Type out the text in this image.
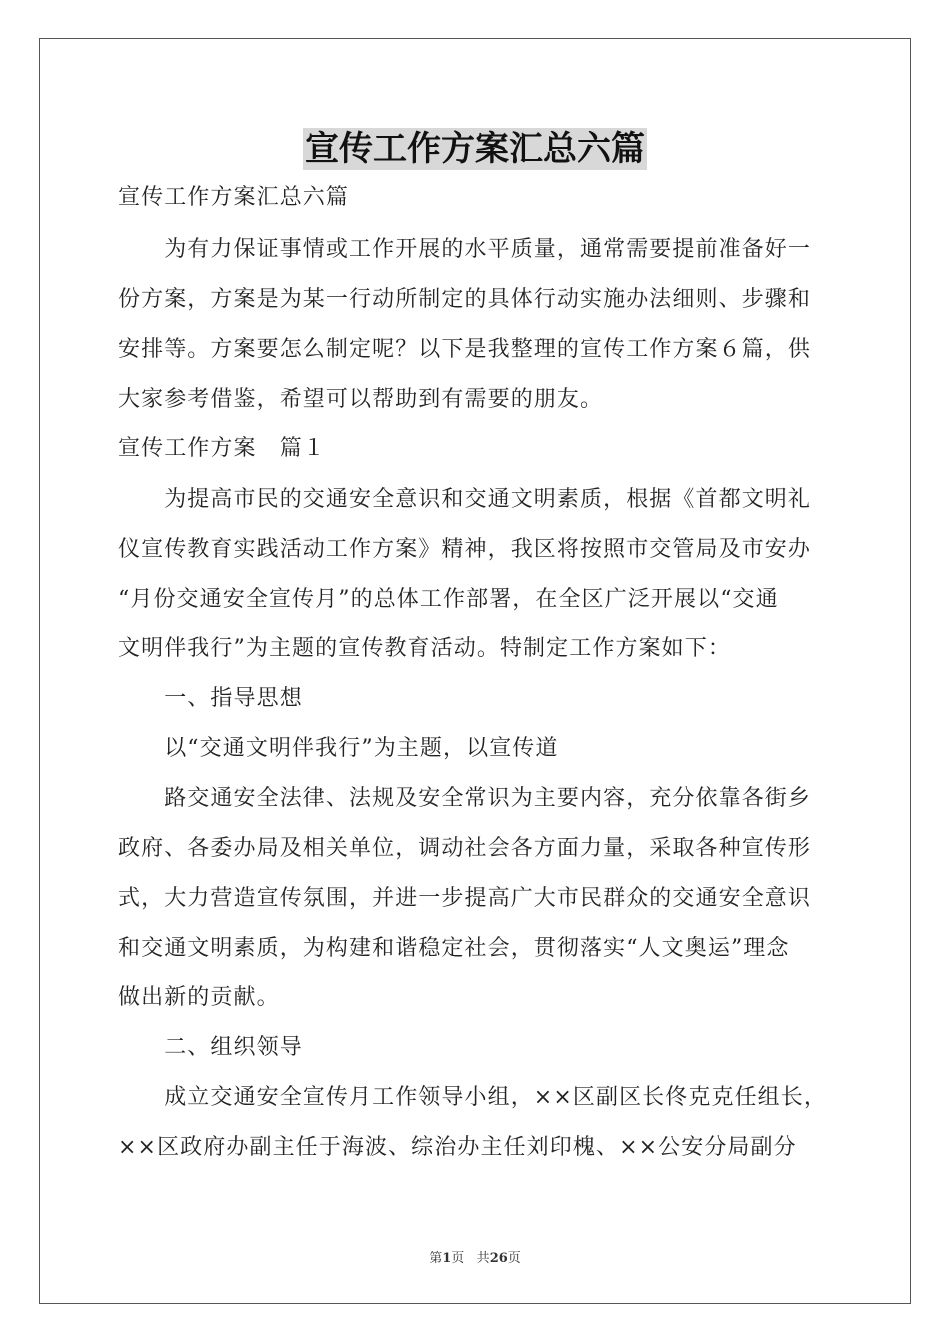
宣传工作方案汇总六篇
宣传工作方案汇总六篇
　　为有力保证事情或工作开展的水平质量，通常需要提前准备好一
份方案，方案是为某一行动所制定的具体行动实施办法细则、步骤和
安排等。方案要怎么制定呢？以下是我整理的宣传工作方案６篇，供
大家参考借鉴，希望可以帮助到有需要的朋友。
宣传工作方案　篇１
　　为提高市民的交通安全意识和交通文明素质，根据《首都文明礼
仪宣传教育实践活动工作方案》精神，我区将按照市交管局及市安办
“月份交通安全宣传月”的总体工作部署，在全区广泛开展以“交通
文明伴我行”为主题的宣传教育活动。特制定工作方案如下：
　　一、指导思想
　　以“交通文明伴我行”为主题，以宣传道
　　路交通安全法律、法规及安全常识为主要内容，充分依靠各街乡
政府、各委办局及相关单位，调动社会各方面力量，采取各种宣传形
式，大力营造宣传氛围，并进一步提高广大市民群众的交通安全意识
和交通文明素质，为构建和谐稳定社会，贯彻落实“人文奥运”理念
做出新的贡献。
　　二、组织领导
　　成立交通安全宣传月工作领导小组，××区副区长佟克克任组长，
××区政府办副主任于海波、综治办主任刘印槐、××公安分局副分
第1页 共26页
